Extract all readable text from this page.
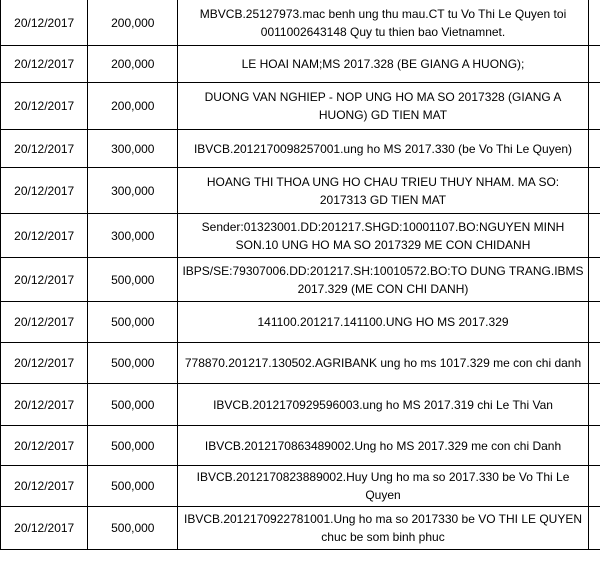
20/12/2017	200,000	MBVCB.25127973.mac benh ung thu mau.CT tu Vo Thi Le Quyen toi 0011002643148 Quy tu thien bao Vietnamnet.	
20/12/2017	200,000	LE HOAI NAM;MS 2017.328 (BE GIANG A HUONG);	
20/12/2017	200,000	DUONG VAN NGHIEP - NOP UNG HO MA SO 2017328 (GIANG A HUONG) GD TIEN MAT	
20/12/2017	300,000	IBVCB.2012170098257001.ung ho MS 2017.330 (be Vo Thi Le Quyen)	
20/12/2017	300,000	HOANG THI THOA UNG HO CHAU TRIEU THUY NHAM. MA SO: 2017313 GD TIEN MAT	
20/12/2017	300,000	Sender:01323001.DD:201217.SHGD:10001107.BO:NGUYEN MINH SON.10 UNG HO MA SO 2017329 ME CON CHIDANH	
20/12/2017	500,000	IBPS/SE:79307006.DD:201217.SH:10010572.BO:TO DUNG TRANG.IBMS 2017.329 (ME CON CHI DANH)	
20/12/2017	500,000	141100.201217.141100.UNG HO MS 2017.329	
20/12/2017	500,000	778870.201217.130502.AGRIBANK ung ho ms 1017.329 me con chi danh	
20/12/2017	500,000	IBVCB.2012170929596003.ung ho MS 2017.319 chi Le Thi Van	
20/12/2017	500,000	IBVCB.2012170863489002.Ung ho MS 2017.329 me con chi Danh	
20/12/2017	500,000	IBVCB.2012170823889002.Huy Ung ho ma so 2017.330 be Vo Thi Le Quyen	
20/12/2017	500,000	IBVCB.2012170922781001.Ung ho ma so 2017330 be VO THI LE QUYEN chuc be som binh phuc	
